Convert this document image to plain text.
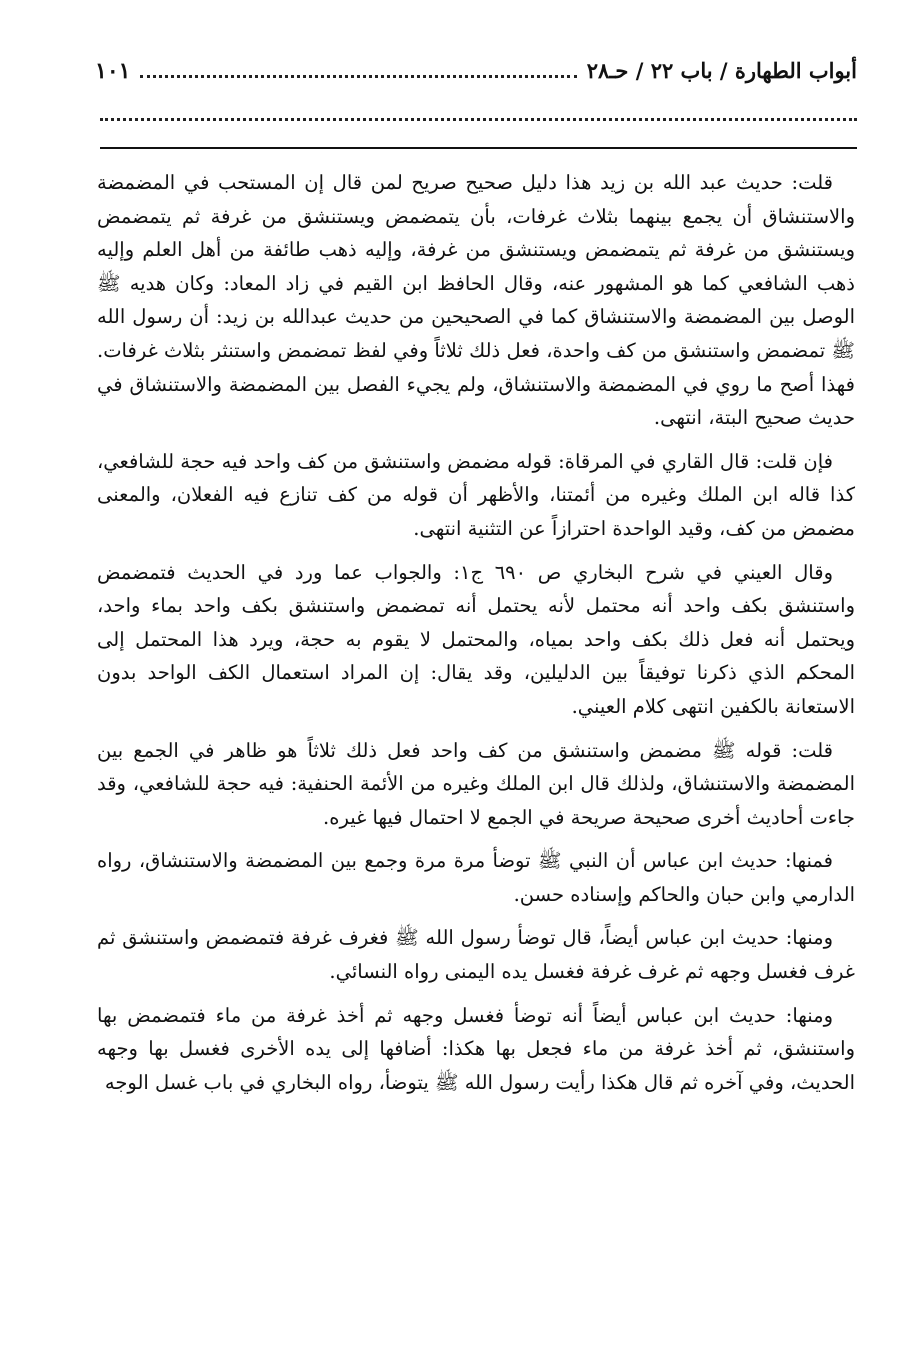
أبواب الطهارة / باب ٢٢ / حـ٢٨
١٠١

قلت: حديث عبد الله بن زيد هذا دليل صحيح صريح لمن قال إن المستحب في المضمضة والاستنشاق أن يجمع بينهما بثلاث غرفات، بأن يتمضمض ويستنشق من غرفة ثم يتمضمض ويستنشق من غرفة ثم يتمضمض ويستنشق من غرفة، وإليه ذهب طائفة من أهل العلم وإليه ذهب الشافعي كما هو المشهور عنه، وقال الحافظ ابن القيم في زاد المعاد: وكان هديه ﷺ الوصل بين المضمضة والاستنشاق كما في الصحيحين من حديث عبدالله بن زيد: أن رسول الله ﷺ تمضمض واستنشق من كف واحدة، فعل ذلك ثلاثاً وفي لفظ تمضمض واستنثر بثلاث غرفات. فهذا أصح ما روي في المضمضة والاستنشاق، ولم يجيء الفصل بين المضمضة والاستنشاق في حديث صحيح البتة، انتهى.

فإن قلت: قال القاري في المرقاة: قوله مضمض واستنشق من كف واحد فيه حجة للشافعي، كذا قاله ابن الملك وغيره من أئمتنا، والأظهر أن قوله من كف تنازع فيه الفعلان، والمعنى مضمض من كف، وقيد الواحدة احترازاً عن التثنية انتهى.

وقال العيني في شرح البخاري ص ٦٩٠ ج١: والجواب عما ورد في الحديث فتمضمض واستنشق بكف واحد أنه محتمل لأنه يحتمل أنه تمضمض واستنشق بكف واحد بماء واحد، ويحتمل أنه فعل ذلك بكف واحد بمياه، والمحتمل لا يقوم به حجة، ويرد هذا المحتمل إلى المحكم الذي ذكرنا توفيقاً بين الدليلين، وقد يقال: إن المراد استعمال الكف الواحد بدون الاستعانة بالكفين انتهى كلام العيني.

قلت: قوله ﷺ مضمض واستنشق من كف واحد فعل ذلك ثلاثاً هو ظاهر في الجمع بين المضمضة والاستنشاق، ولذلك قال ابن الملك وغيره من الأئمة الحنفية: فيه حجة للشافعي، وقد جاءت أحاديث أخرى صحيحة صريحة في الجمع لا احتمال فيها غيره.

فمنها: حديث ابن عباس أن النبي ﷺ توضأ مرة مرة وجمع بين المضمضة والاستنشاق، رواه الدارمي وابن حبان والحاكم وإسناده حسن.

ومنها: حديث ابن عباس أيضاً، قال توضأ رسول الله ﷺ فغرف غرفة فتمضمض واستنشق ثم غرف فغسل وجهه ثم غرف غرفة فغسل يده اليمنى رواه النسائي.

ومنها: حديث ابن عباس أيضاً أنه توضأ فغسل وجهه ثم أخذ غرفة من ماء فتمضمض بها واستنشق، ثم أخذ غرفة من ماء فجعل بها هكذا: أضافها إلى يده الأخرى فغسل بها وجهه الحديث، وفي آخره ثم قال هكذا رأيت رسول الله ﷺ يتوضأ، رواه البخاري في باب غسل الوجه
